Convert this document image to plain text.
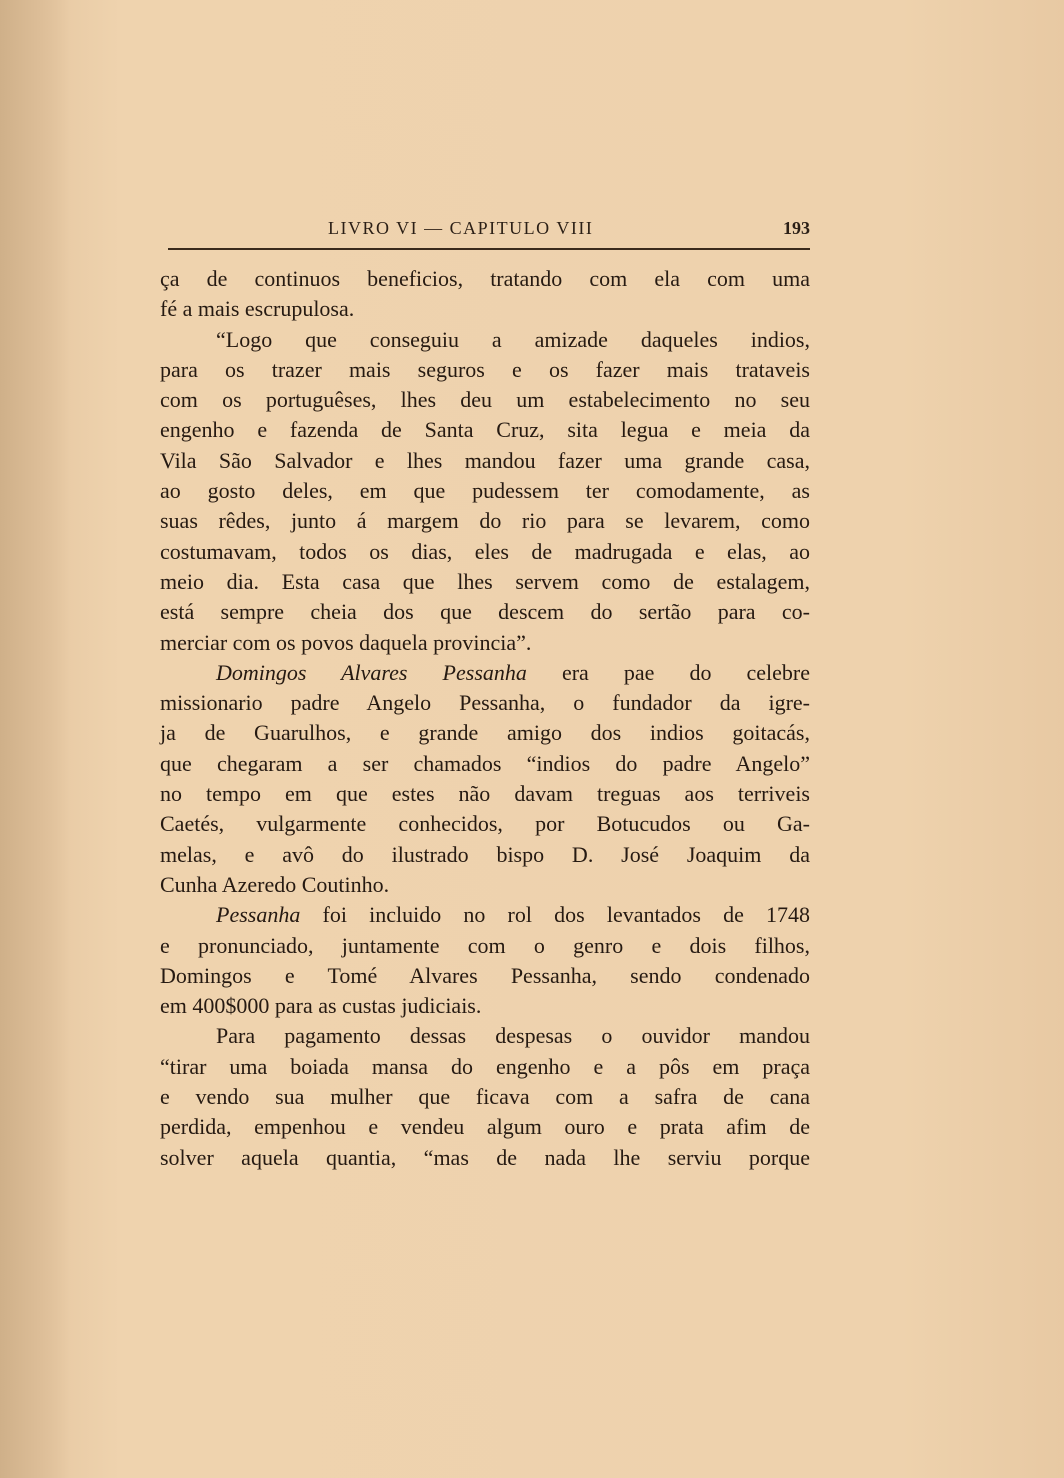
LIVRO VI — CAPITULO VIII	193
ça de continuos beneficios, tratando com ela com uma
fé a mais escrupulosa.
“Logo que conseguiu a amizade daqueles indios,
para os trazer mais seguros e os fazer mais trataveis
com os portuguêses, lhes deu um estabelecimento no seu
engenho e fazenda de Santa Cruz, sita legua e meia da
Vila São Salvador e lhes mandou fazer uma grande casa,
ao gosto deles, em que pudessem ter comodamente, as
suas rêdes, junto á margem do rio para se levarem, como
costumavam, todos os dias, eles de madrugada e elas, ao
meio dia. Esta casa que lhes servem como de estalagem,
está sempre cheia dos que descem do sertão para co-
merciar com os povos daquela provincia”.
Domingos Alvares Pessanha era pae do celebre
missionario padre Angelo Pessanha, o fundador da igre-
ja de Guarulhos, e grande amigo dos indios goitacás,
que chegaram a ser chamados “indios do padre Angelo”
no tempo em que estes não davam treguas aos terriveis
Caetés, vulgarmente conhecidos, por Botucudos ou Ga-
melas, e avô do ilustrado bispo D. José Joaquim da
Cunha Azeredo Coutinho.
Pessanha foi incluido no rol dos levantados de 1748
e pronunciado, juntamente com o genro e dois filhos,
Domingos e Tomé Alvares Pessanha, sendo condenado
em 400$000 para as custas judiciais.
Para pagamento dessas despesas o ouvidor mandou
“tirar uma boiada mansa do engenho e a pôs em praça
e vendo sua mulher que ficava com a safra de cana
perdida, empenhou e vendeu algum ouro e prata afim de
solver aquela quantia, “mas de nada lhe serviu porque
